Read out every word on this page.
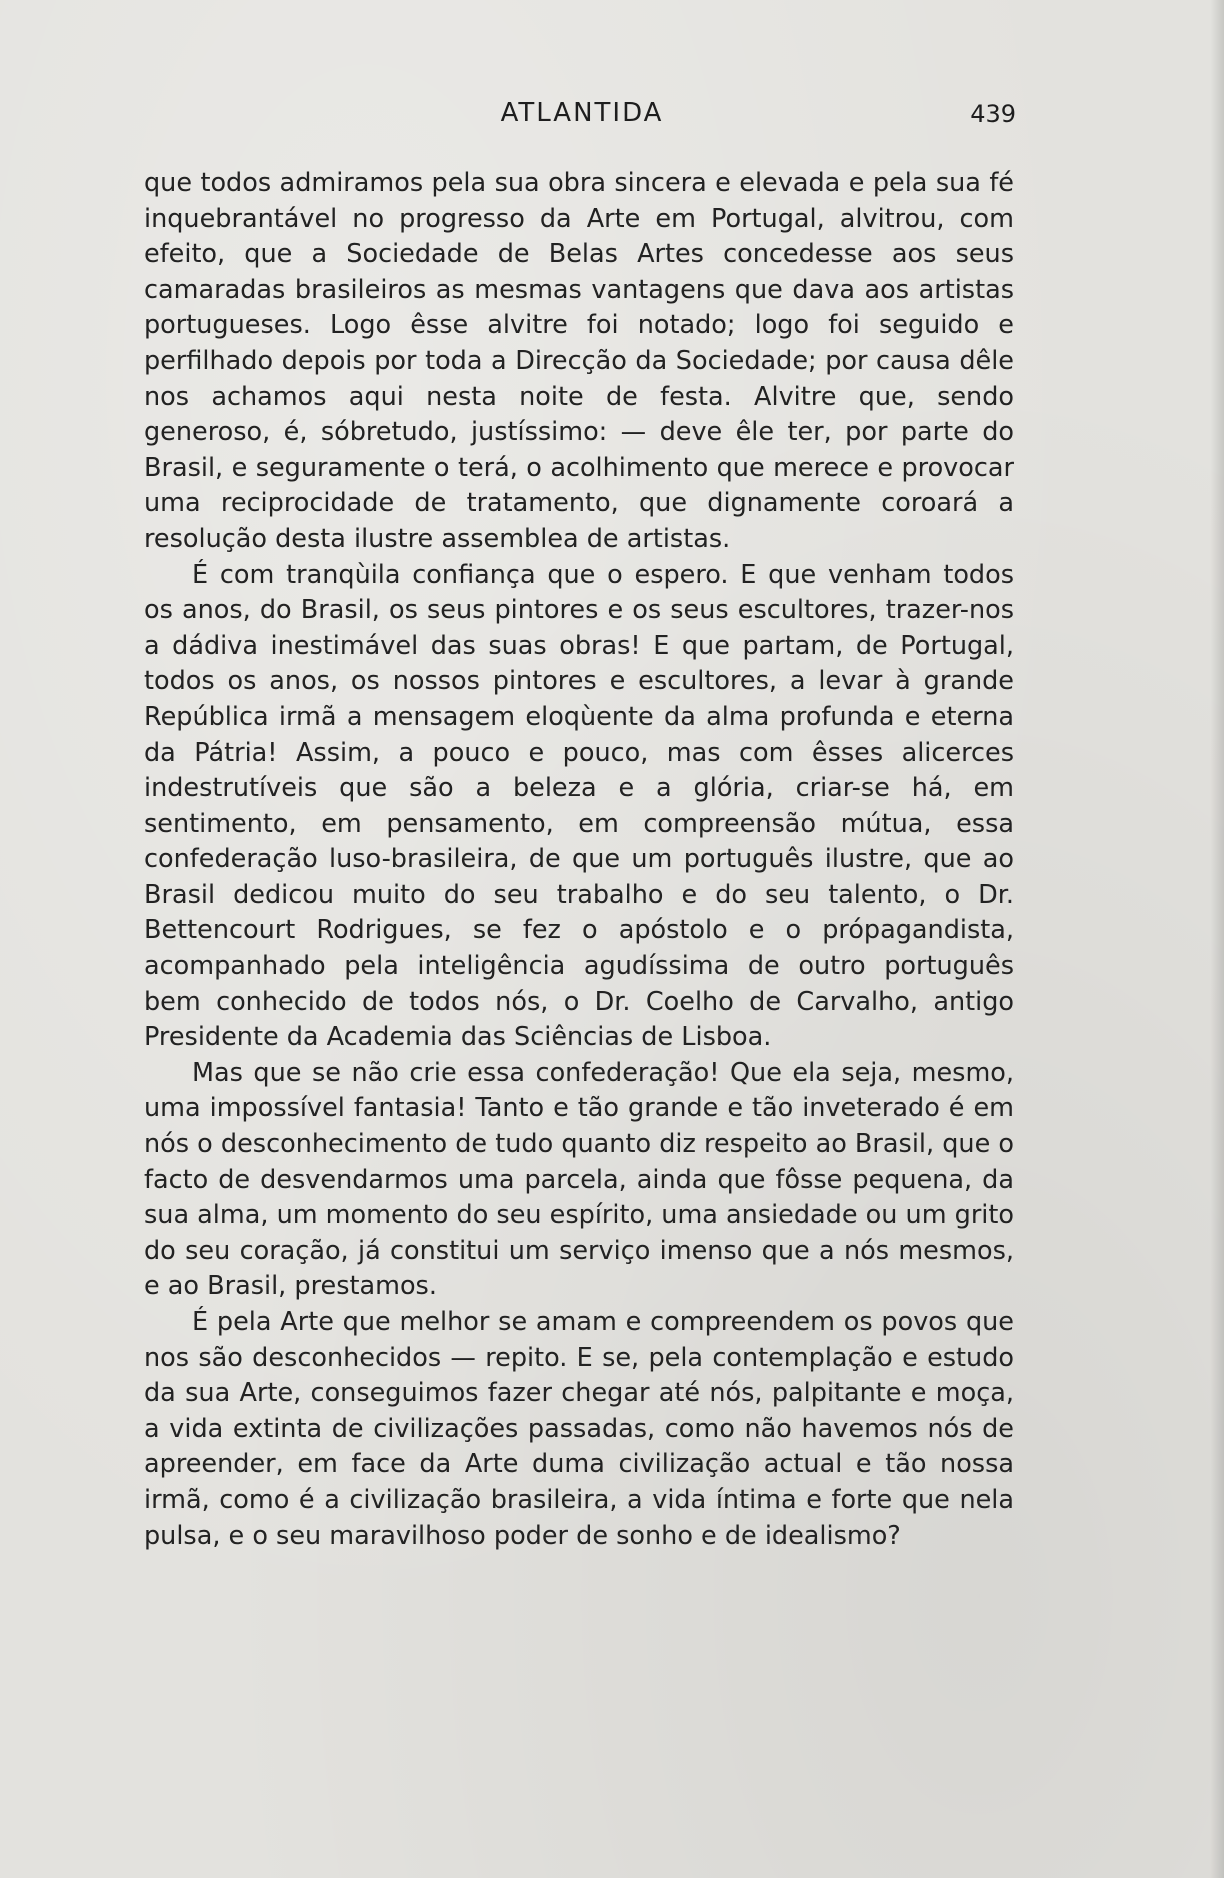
ATLANTIDA	439

que todos admiramos pela sua obra sincera e elevada e pela sua fé inquebrantável no progresso da Arte em Portugal, alvitrou, com efeito, que a Sociedade de Belas Artes concedesse aos seus camaradas brasileiros as mesmas vantagens que dava aos artistas portugueses. Logo êsse alvitre foi notado; logo foi seguido e perfilhado depois por toda a Direcção da Sociedade; por causa dêle nos achamos aqui nesta noite de festa. Alvitre que, sendo generoso, é, sóbretudo, justíssimo: — deve êle ter, por parte do Brasil, e seguramente o terá, o acolhimento que merece e provocar uma reciprocidade de tratamento, que dignamente coroará a resolução desta ilustre assemblea de artistas.

É com tranqùila confiança que o espero. E que venham todos os anos, do Brasil, os seus pintores e os seus escultores, trazer-nos a dádiva inestimável das suas obras! E que partam, de Portugal, todos os anos, os nossos pintores e escultores, a levar à grande República irmã a mensagem eloqùente da alma profunda e eterna da Pátria! Assim, a pouco e pouco, mas com êsses alicerces indestrutíveis que são a beleza e a glória, criar-se há, em sentimento, em pensamento, em compreensão mútua, essa confederação luso-brasileira, de que um português ilustre, que ao Brasil dedicou muito do seu trabalho e do seu talento, o Dr. Bettencourt Rodrigues, se fez o apóstolo e o própagandista, acompanhado pela inteligência agudíssima de outro português bem conhecido de todos nós, o Dr. Coelho de Carvalho, antigo Presidente da Academia das Sciências de Lisboa.

Mas que se não crie essa confederação! Que ela seja, mesmo, uma impossível fantasia! Tanto e tão grande e tão inveterado é em nós o desconhecimento de tudo quanto diz respeito ao Brasil, que o facto de desvendarmos uma parcela, ainda que fôsse pequena, da sua alma, um momento do seu espírito, uma ansiedade ou um grito do seu coração, já constitui um serviço imenso que a nós mesmos, e ao Brasil, prestamos.

É pela Arte que melhor se amam e compreendem os povos que nos são desconhecidos — repito. E se, pela contemplação e estudo da sua Arte, conseguimos fazer chegar até nós, palpitante e moça, a vida extinta de civilizações passadas, como não havemos nós de apreender, em face da Arte duma civilização actual e tão nossa irmã, como é a civilização brasileira, a vida íntima e forte que nela pulsa, e o seu maravilhoso poder de sonho e de idealismo?
